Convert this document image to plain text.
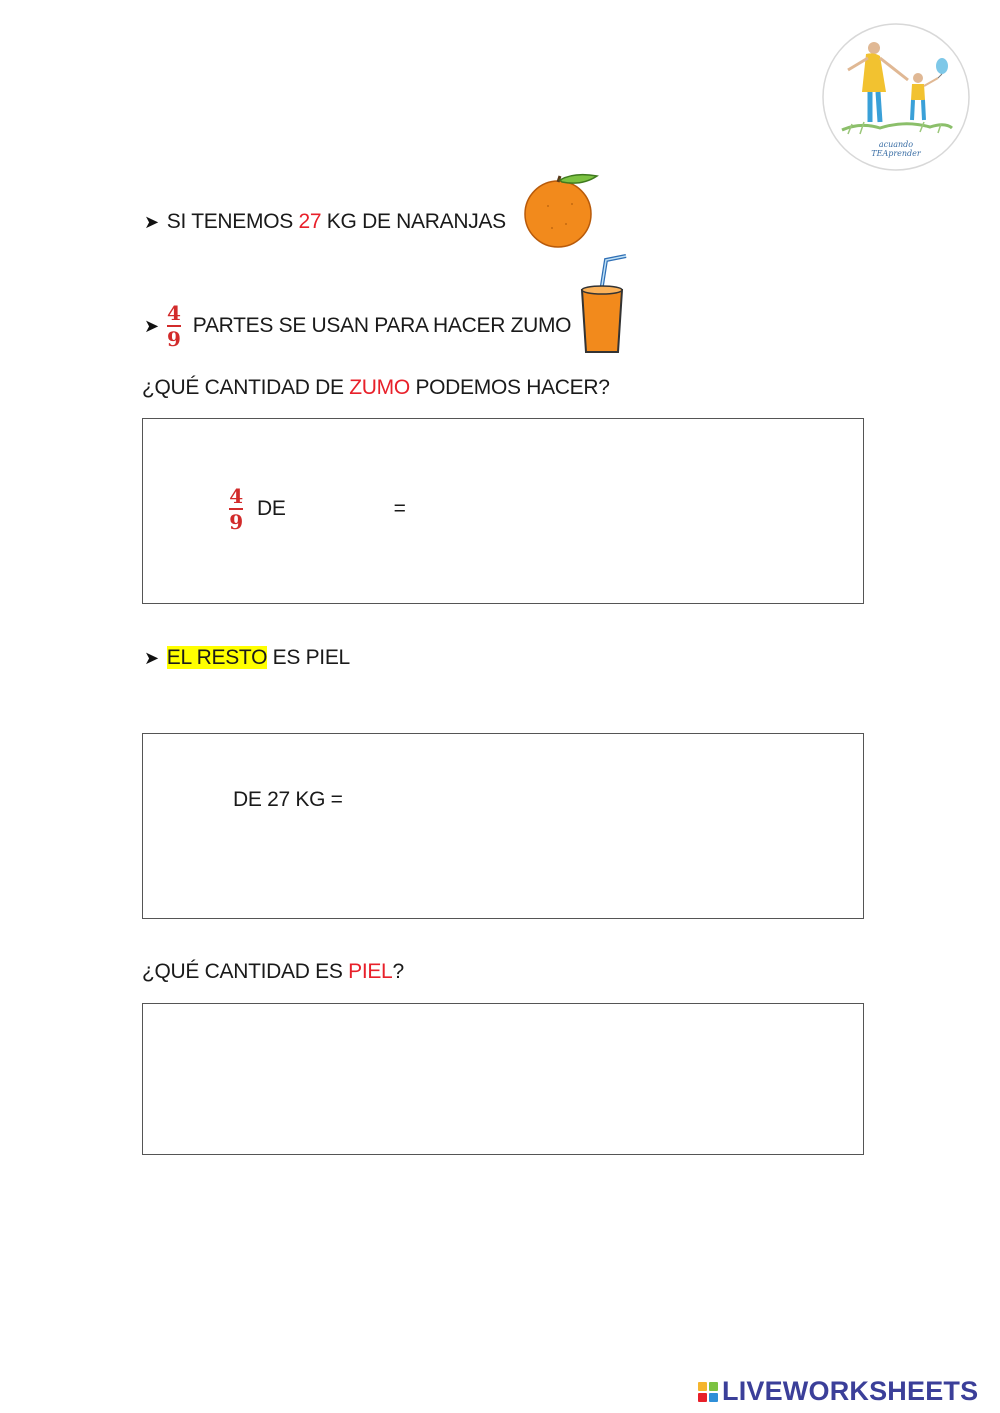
acuando TEAprender
➤ SI TENEMOS 27 KG DE NARANJAS
➤ $\frac{4}{9}$ PARTES SE USAN PARA HACER ZUMO
¿QUÉ CANTIDAD DE ZUMO PODEMOS HACER?
$\frac{4}{9}$ DE	=
➤ EL RESTO ES PIEL
DE 27 KG =
¿QUÉ CANTIDAD ES PIEL?
LIVEWORKSHEETS
